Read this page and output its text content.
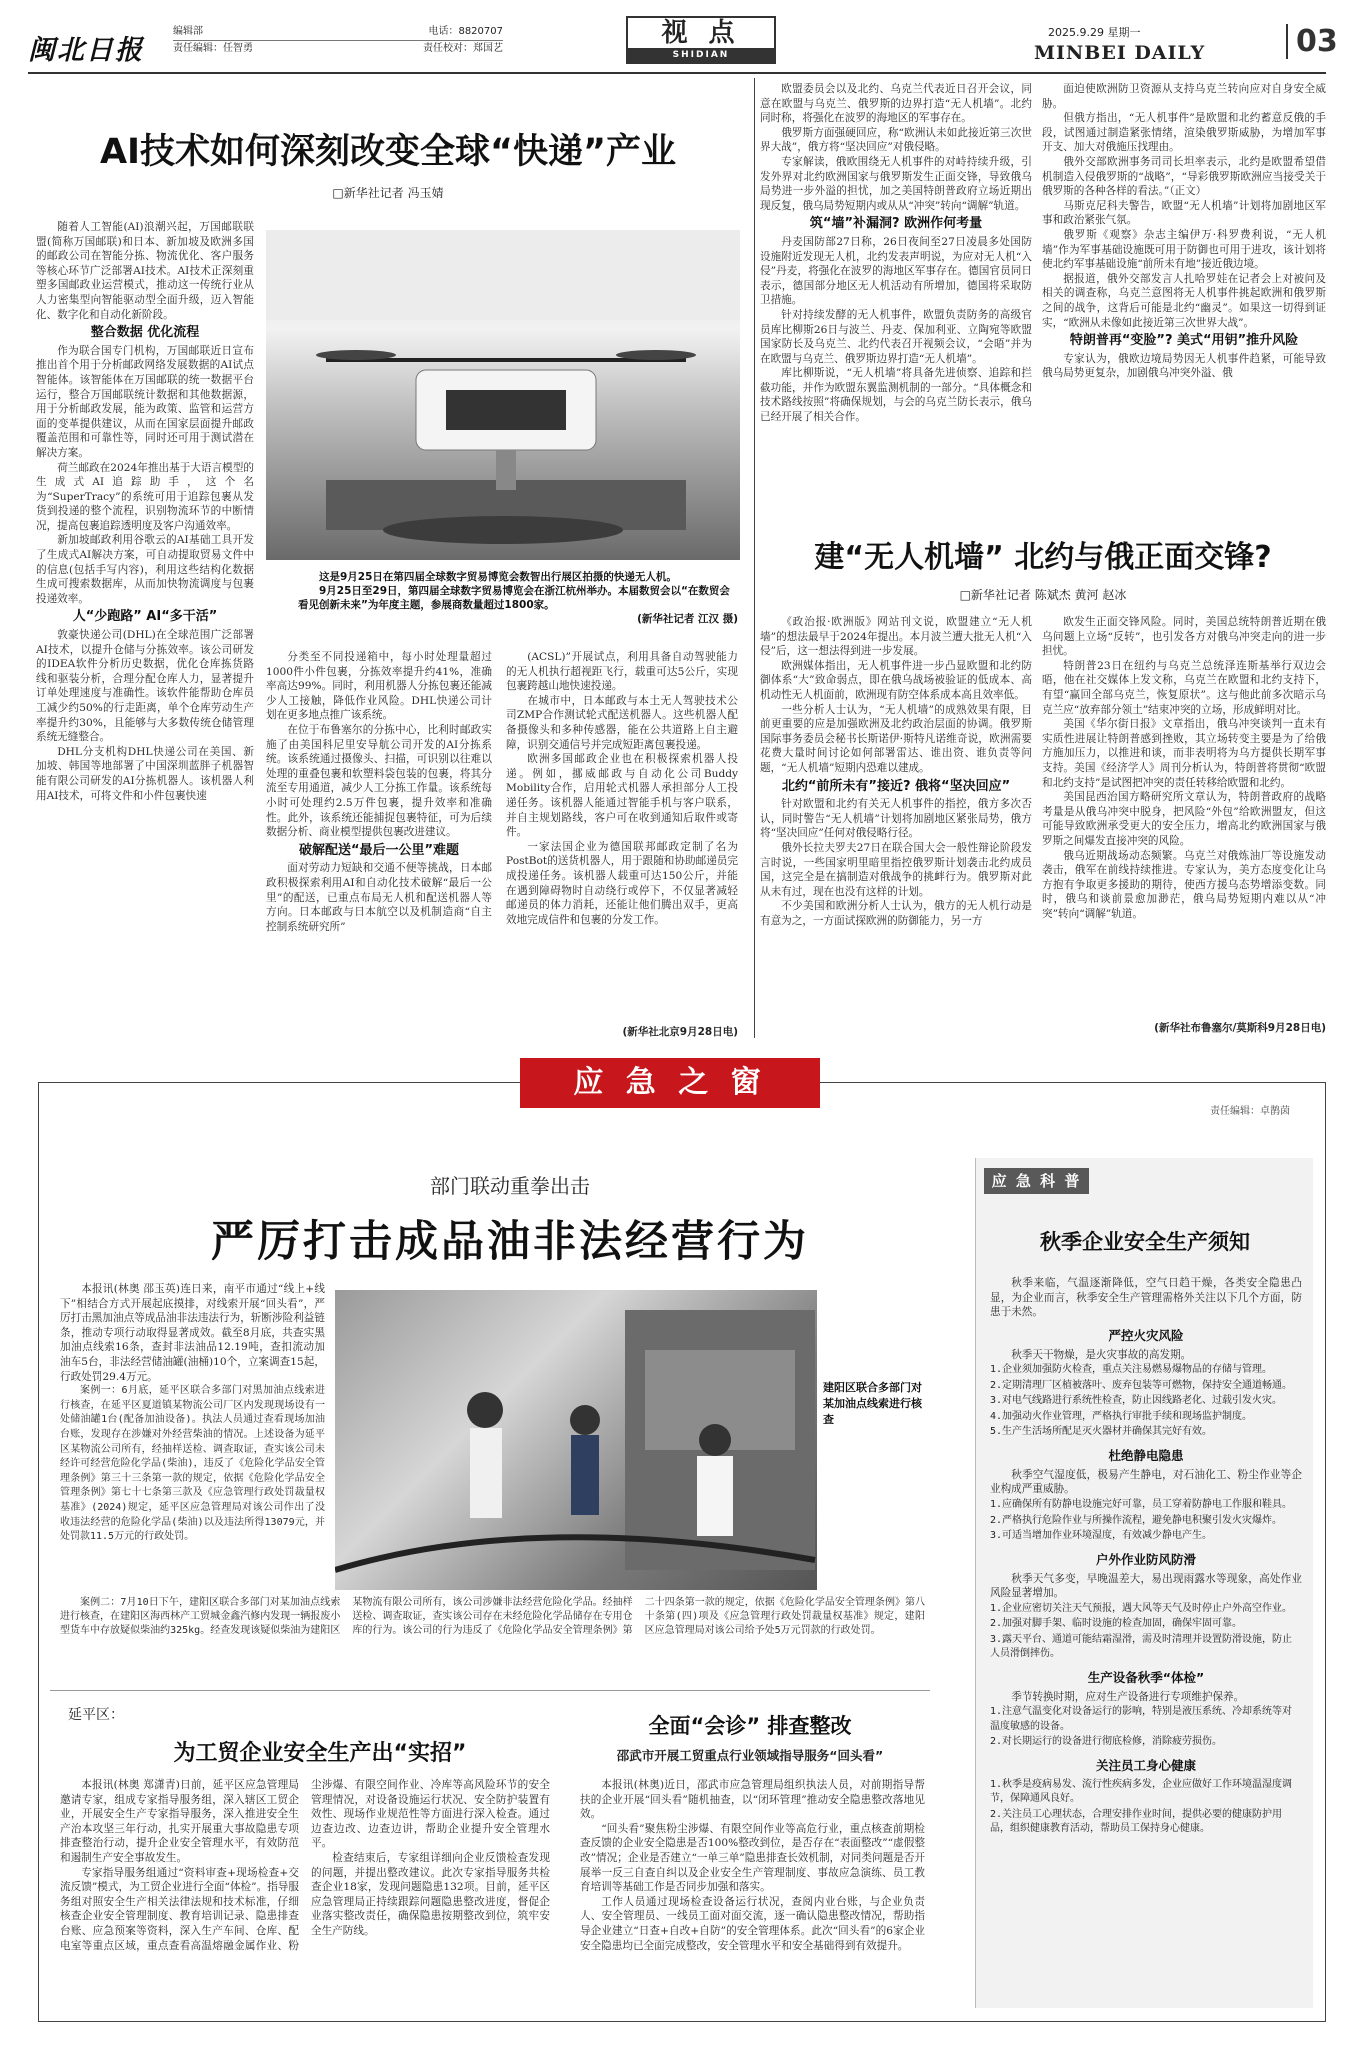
闽北日报
编辑部	电话：8820707
责任编辑：任智勇	责任校对：郑国艺
视 点
SHIDIAN
2025.9.29 星期一
MINBEI DAILY	03
AI技术如何深刻改变全球“快递”产业
□新华社记者 冯玉婧

随着人工智能(AI)浪潮兴起，万国邮联联盟(简称万国邮联)和日本、新加坡及欧洲多国的邮政公司在智能分拣、物流优化、客户服务等核心环节广泛部署AI技术。AI技术正深刻重塑多国邮政业运营模式，推动这一传统行业从人力密集型向智能驱动型全面升级，迈入智能化、数字化和自动化新阶段。

整合数据 优化流程

作为联合国专门机构，万国邮联近日宣布推出首个用于分析邮政网络发展数据的AI试点智能体。该智能体在万国邮联的统一数据平台运行，整合万国邮联统计数据和其他数据源，用于分析邮政发展，能为政策、监管和运营方面的变革提供建议，从而在国家层面提升邮政覆盖范围和可靠性等，同时还可用于测试潜在解决方案。

荷兰邮政在2024年推出基于大语言模型的生成式AI追踪助手，这个名为“SuperTracy”的系统可用于追踪包裹从发货到投递的整个流程，识别物流环节的中断情况，提高包裹追踪透明度及客户沟通效率。

新加坡邮政利用谷歌云的AI基础工具开发了生成式AI解决方案，可自动提取贸易文件中的信息(包括手写内容)，利用这些结构化数据生成可搜索数据库，从而加快物流调度与包裹投递效率。

人“少跑路” AI“多干活”

敦豪快递公司(DHL)在全球范围广泛部署AI技术，以提升仓储与分拣效率。该公司研发的IDEA软件分析历史数据，优化仓库拣货路线和驱装分析，合理分配仓库人力，显著提升订单处理速度与准确性。该软件能帮助仓库员工减少约50%的行走距离，单个仓库劳动生产率提升约30%，且能够与大多数传统仓储管理系统无缝整合。

DHL分支机构DHL快递公司在美国、新加坡、韩国等地部署了中国深圳蓝胖子机器智能有限公司研发的AI分拣机器人。该机器人利用AI技术，可将文件和小件包裹快速

这是9月25日在第四届全球数字贸易博览会数智出行展区拍摄的快递无人机。
9月25日至29日，第四届全球数字贸易博览会在浙江杭州举办。本届数贸会以“在数贸会看见创新未来”为年度主题，参展商数量超过1800家。
(新华社记者 江汉 摄)

分类至不同投递箱中，每小时处理量超过1000件小件包裹，分拣效率提升约41%，准确率高达99%。同时，利用机器人分拣包裹还能减少人工接触，降低作业风险。DHL快递公司计划在更多地点推广该系统。

在位于布鲁塞尔的分拣中心，比利时邮政实施了由美国科尼里安导航公司开发的AI分拣系统。该系统通过摄像头、扫描，可识别以往难以处理的重叠包裹和软塑料袋包装的包裹，将其分流至专用通道，减少人工分拣工作量。该系统每小时可处理约2.5万件包裹，提升效率和准确性。此外，该系统还能捕捉包裹特征，可为后续数据分析、商业模型提供包裹改进建议。

破解配送“最后一公里”难题

面对劳动力短缺和交通不便等挑战，日本邮政积极探索利用AI和自动化技术破解“最后一公里”的配送，已重点布局无人机和配送机器人等方向。日本邮政与日本航空以及机制造商“自主控制系统研究所”

(ACSL)”开展试点，利用具备自动驾驶能力的无人机执行超视距飞行，载重可达5公斤，实现包裹跨越山地快速投递。

在城市中，日本邮政与本土无人驾驶技术公司ZMP合作测试轮式配送机器人。这些机器人配备摄像头和多种传感器，能在公共道路上自主避障，识别交通信号并完成短距离包裹投递。

欧洲多国邮政企业也在积极探索机器人投递。例如，挪威邮政与自动化公司Buddy Mobility合作，启用轮式机器人承担部分人工投递任务。该机器人能通过智能手机与客户联系，并自主规划路线，客户可在收到通知后取件或寄件。

一家法国企业为德国联邦邮政定制了名为PostBot的送货机器人，用于跟随和协助邮递员完成投递任务。该机器人载重可达150公斤，并能在遇到障碍物时自动绕行或停下，不仅显著减轻邮递员的体力消耗，还能让他们腾出双手，更高效地完成信件和包裹的分发工作。

(新华社北京9月28日电)

欧盟委员会以及北约、乌克兰代表近日召开会议，同意在欧盟与乌克兰、俄罗斯的边界打造“无人机墙”。北约同时称，将强化在波罗的海地区的军事存在。

俄罗斯方面强硬回应，称“欧洲认未如此接近第三次世界大战”，俄方将“坚决回应”对俄侵略。

专家解读，俄欧围绕无人机事件的对峙持续升级，引发外界对北约欧洲国家与俄罗斯发生正面交锋，导致俄乌局势进一步外溢的担忧，加之美国特朗普政府立场近期出现反复，俄乌局势短期内或从从“冲突”转向“调解”轨道。

筑“墙”补漏洞? 欧洲作何考量

丹麦国防部27日称，26日夜间至27日凌晨多处国防设施附近发现无人机，北约发表声明说，为应对无人机“入侵”丹麦，将强化在波罗的海地区军事存在。德国官员同日表示，德国部分地区无人机活动有所增加，德国将采取防卫措施。

针对持续发酵的无人机事件，欧盟负责防务的高级官员库比柳斯26日与波兰、丹麦、保加利亚、立陶宛等欧盟国家防长及乌克兰、北约代表召开视频会议，“会晤”并为在欧盟与乌克兰、俄罗斯边界打造“无人机墙”。

库比柳斯说，“无人机墙”将具备先进侦察、追踪和拦截功能，并作为欧盟东翼监测机制的一部分。“具体概念和技术路线按照”将确保规划，与会的乌克兰防长表示，俄乌已经开展了相关合作。

面迫使欧洲防卫资源从支持乌克兰转向应对自身安全威胁。

但俄方指出，“无人机事件”是欧盟和北约蓄意反俄的手段，试图通过制造紧张情绪，渲染俄罗斯威胁，为增加军事开支、加大对俄施压找理由。

俄外交部欧洲事务司司长坦率表示，北约是欧盟希望借机制造入侵俄罗斯的“战略”，“导彩俄罗斯欧洲应当接受关于俄罗斯的各种各样的看法。”（正文）

马斯克尼科夫警告，欧盟“无人机墙”计划将加剧地区军事和政治紧张气氛。

俄罗斯《观察》杂志主编伊万·科罗费利说，“无人机墙”作为军事基础设施既可用于防御也可用于进攻，该计划将使北约军事基础设施“前所未有地”接近俄边境。

据报道，俄外交部发言人扎哈罗娃在记者会上对被问及相关的调查称，乌克兰意图将无人机事件挑起欧洲和俄罗斯之间的战争，这背后可能是北约“幽灵”。如果这一切得到证实，“欧洲从未像如此接近第三次世界大战”。

特朗普再“变脸”? 美式“用钥”推升风险

专家认为，俄欧边境局势因无人机事件趋紧，可能导致俄乌局势更复杂，加剧俄乌冲突外溢、俄

建“无人机墙” 北约与俄正面交锋?
□新华社记者 陈斌杰 黄河 赵冰

《政治报·欧洲版》网站刊文说，欧盟建立“无人机墙”的想法最早于2024年提出。本月波兰遭大批无人机“入侵”后，这一想法得到进一步发展。

欧洲媒体指出，无人机事件进一步凸显欧盟和北约防御体系“大”致命弱点，即在俄乌战场被验证的低成本、高机动性无人机面前，欧洲现有防空体系成本高且效率低。

一些分析人士认为，“无人机墙”的成熟效果有限，目前更重要的应是加强欧洲及北约政治层面的协调。俄罗斯国际事务委员会秘书长斯诺伊·斯特凡诺维奇说，欧洲需要花费大量时间讨论如何部署雷达、谁出资、谁负责等问题，“无人机墙”短期内恐难以建成。

北约“前所未有”接近? 俄将“坚决回应”

针对欧盟和北约有关无人机事件的指控，俄方多次否认，同时警告“无人机墙”计划将加剧地区紧张局势，俄方将“坚决回应”任何对俄侵略行径。

俄外长拉夫罗夫27日在联合国大会一般性辩论阶段发言时说，一些国家明里暗里指控俄罗斯计划袭击北约成员国，这完全是在搞制造对俄战争的挑衅行为。俄罗斯对此从未有过，现在也没有这样的计划。

不少美国和欧洲分析人士认为，俄方的无人机行动是有意为之，一方面试探欧洲的防御能力，另一方

欧发生正面交锋风险。同时，美国总统特朗普近期在俄乌问题上立场“反转”，也引发各方对俄乌冲突走向的进一步担忧。

特朗普23日在纽约与乌克兰总统泽连斯基举行双边会晤，他在社交媒体上发文称，乌克兰在欧盟和北约支持下，有望“赢回全部乌克兰，恢复原状”。这与他此前多次暗示乌克兰应“放弃部分领土”结束冲突的立场，形成鲜明对比。

美国《华尔街日报》文章指出，俄乌冲突谈判一直未有实质性进展让特朗普感到挫败，其立场转变主要是为了给俄方施加压力，以推进和谈，而非表明将为乌方提供长期军事支持。美国《经济学人》周刊分析认为，特朗普将贯彻“欧盟和北约支持”是试图把冲突的责任转移给欧盟和北约。

美国昆西治国方略研究所文章认为，特朗普政府的战略考量是从俄乌冲突中脱身，把风险“外包”给欧洲盟友，但这可能导致欧洲承受更大的安全压力，增高北约欧洲国家与俄罗斯之间爆发直接冲突的风险。

俄乌近期战场动态频繁。乌克兰对俄炼油厂等设施发动袭击，俄军在前线持续推进。专家认为，美方态度变化让乌方抱有争取更多援助的期待，使西方援乌态势增添变数。同时，俄乌和谈前景愈加渺茫，俄乌局势短期内难以从“冲突”转向“调解”轨道。

(新华社布鲁塞尔/莫斯科9月28日电)
应 急 之 窗
责任编辑：卓鹊茵
部门联动重拳出击
严厉打击成品油非法经营行为

本报讯(林奥 邵玉英)连日来，南平市通过“线上+线下”相结合方式开展起底摸排，对线索开展“回头看”，严厉打击黑加油点等成品油非法违法行为，斩断涉险利益链条，推动专项行动取得显著成效。截至8月底，共查实黑加油点线索16条，查封非法油品12.19吨，查扣流动加油车5台，非法经营储油罐(油桶)10个，立案调查15起，行政处罚29.4万元。

案例一：6月底，延平区联合多部门对黑加油点线索进行核查，在延平区夏道镇某物流公司厂区内发现现场设有一处储油罐1台(配备加油设备)。执法人员通过查看现场加油台账，发现存在涉嫌对外经营柴油的情况。上述设备为延平区某物流公司所有，经抽样送检、调查取证，查实该公司未经许可经营危险化学品(柴油)，违反了《危险化学品安全管理条例》第三十三条第一款的规定，依据《危险化学品安全管理条例》第七十七条第三款及《应急管理行政处罚裁量权基准》(2024)规定，延平区应急管理局对该公司作出了没收违法经营的危险化学品(柴油)以及违法所得13079元，并处罚款11.5万元的行政处罚。

建阳区联合多部门对某加油点线索进行核查

案例二：7月10日下午，建阳区联合多部门对某加油点线索进行核查，在建阳区海西林产工贸城金鑫汽修内发现一辆报废小型货车中存放疑似柴油约325kg。经查发现该疑似柴油为建阳区某物流有限公司所有，该公司涉嫌非法经营危险化学品。经抽样送检、调查取证，查实该公司存在未经危险化学品储存在专用仓库的行为。该公司的行为违反了《危险化学品安全管理条例》第二十四条第一款的规定，依据《危险化学品安全管理条例》第八十条第(四)项及《应急管理行政处罚裁量权基准》规定，建阳区应急管理局对该公司给予处5万元罚款的行政处罚。

延平区：
为工贸企业安全生产出“实招”

本报讯(林奥 郑潇青)日前，延平区应急管理局邀请专家，组成专家指导服务组，深入辖区工贸企业，开展安全生产专家指导服务，深入推进安全生产治本攻坚三年行动，扎实开展重大事故隐患专项排查整治行动，提升企业安全管理水平，有效防范和遏制生产安全事故发生。

专家指导服务组通过“资料审查+现场检查+交流反馈”模式，为工贸企业进行全面“体检”。指导服务组对照安全生产相关法律法规和技术标准，仔细核查企业安全管理制度、教育培训记录、隐患排查台账、应急预案等资料，深入生产车间、仓库、配电室等重点区域，重点查看高温熔融金属作业、粉尘涉爆、有限空间作业、冷库等高风险环节的安全管理情况，对设备设施运行状况、安全防护装置有效性、现场作业规范性等方面进行深入检查。通过边查边改、边查边讲，帮助企业提升安全管理水平。

检查结束后，专家组详细向企业反馈检查发现的问题，并提出整改建议。此次专家指导服务共检查企业18家，发现问题隐患132项。目前，延平区应急管理局正持续跟踪问题隐患整改进度，督促企业落实整改责任，确保隐患按期整改到位，筑牢安全生产防线。

全面“会诊” 排查整改
邵武市开展工贸重点行业领域指导服务“回头看”

本报讯(林奥)近日，邵武市应急管理局组织执法人员，对前期指导帮扶的企业开展“回头看”随机抽查，以“闭环管理”推动安全隐患整改落地见效。

“回头看”聚焦粉尘涉爆、有限空间作业等高危行业，重点核查前期检查反馈的企业安全隐患是否100%整改到位，是否存在“表面整改”“虚假整改”情况；企业是否建立“一单三单”隐患排查长效机制，对同类问题是否开展举一反三自查自纠以及企业安全生产管理制度、事故应急演练、员工教育培训等基础工作是否同步加强和落实。

工作人员通过现场检查设备运行状况，查阅内业台账，与企业负责人、安全管理员、一线员工面对面交流，逐一确认隐患整改情况，帮助指导企业建立“日查+自改+自防”的安全管理体系。此次“回头看”的6家企业安全隐患均已全面完成整改，安全管理水平和安全基础得到有效提升。

应 急 科 普
秋季企业安全生产须知

秋季来临，气温逐渐降低，空气日趋干燥，各类安全隐患凸显，为企业而言，秋季安全生产管理需格外关注以下几个方面，防患于未然。

严控火灾风险

秋季天干物燥，是火灾事故的高发期。

1.企业须加强防火检查，重点关注易燃易爆物品的存储与管理。
2.定期清理厂区植被落叶、废弃包装等可燃物，保持安全通道畅通。
3.对电气线路进行系统性检查，防止因线路老化、过载引发火灾。
4.加强动火作业管理，严格执行审批手续和现场监护制度。
5.生产生活场所配足灭火器材并确保其完好有效。
杜绝静电隐患

秋季空气湿度低，极易产生静电，对石油化工、粉尘作业等企业构成严重威胁。

1.应确保所有防静电设施完好可靠，员工穿着防静电工作服和鞋具。
2.严格执行危险作业与所操作流程，避免静电积聚引发火灾爆炸。
3.可适当增加作业环境湿度，有效减少静电产生。
户外作业防风防滑

秋季天气多变，早晚温差大，易出现雨露水等现象，高处作业风险显著增加。

1.企业应密切关注天气预报，遇大风等天气及时停止户外高空作业。
2.加强对脚手架、临时设施的检查加固，确保牢固可靠。
3.露天平台、通道可能结霜湿滑，需及时清理并设置防滑设施，防止人员滑倒摔伤。
生产设备秋季“体检”

季节转换时期，应对生产设备进行专项维护保养。

1.注意气温变化对设备运行的影响，特别是液压系统、冷却系统等对温度敏感的设备。
2.对长期运行的设备进行彻底检修，消除疲劳损伤。
关注员工身心健康
1.秋季是疫病易发、流行性疾病多发，企业应做好工作环境温湿度调节，保障通风良好。
2.关注员工心理状态，合理安排作业时间，提供必要的健康防护用品，组织健康教育活动，帮助员工保持身心健康。
